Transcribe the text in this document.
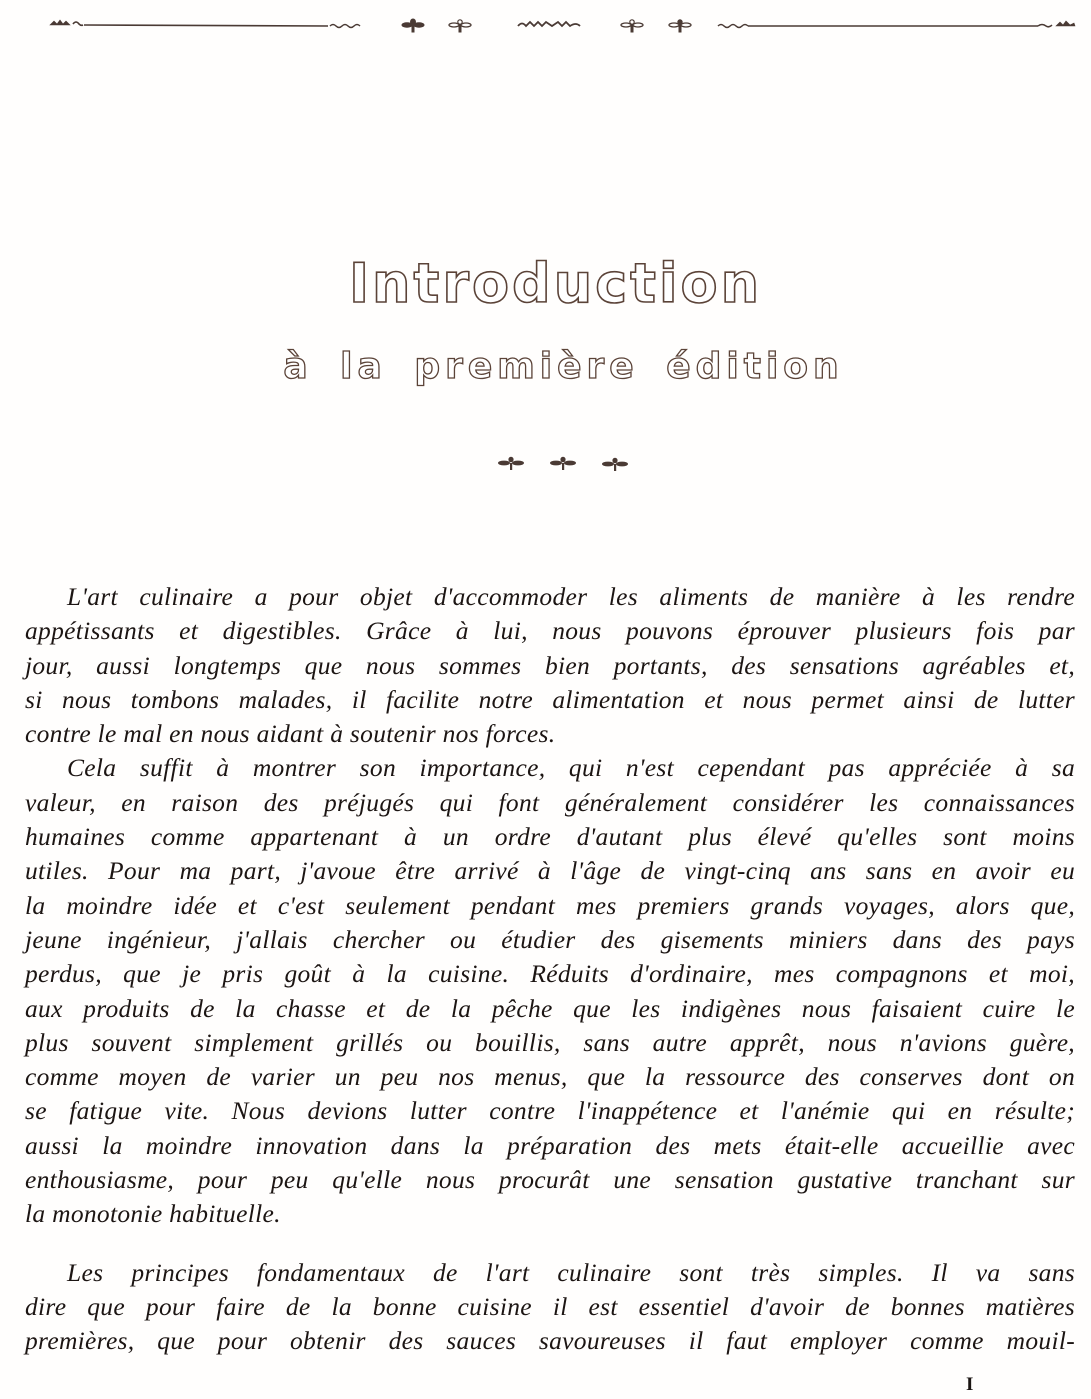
Introduction
à la première édition
L'art culinaire a pour objet d'accommoder les aliments de manière à les rendre
appétissants et digestibles. Grâce à lui, nous pouvons éprouver plusieurs fois par
jour, aussi longtemps que nous sommes bien portants, des sensations agréables et,
si nous tombons malades, il facilite notre alimentation et nous permet ainsi de lutter
contre le mal en nous aidant à soutenir nos forces.
Cela suffit à montrer son importance, qui n'est cependant pas appréciée à sa
valeur, en raison des préjugés qui font généralement considérer les connaissances
humaines comme appartenant à un ordre d'autant plus élevé qu'elles sont moins
utiles. Pour ma part, j'avoue être arrivé à l'âge de vingt-cinq ans sans en avoir eu
la moindre idée et c'est seulement pendant mes premiers grands voyages, alors que,
jeune ingénieur, j'allais chercher ou étudier des gisements miniers dans des pays
perdus, que je pris goût à la cuisine. Réduits d'ordinaire, mes compagnons et moi,
aux produits de la chasse et de la pêche que les indigènes nous faisaient cuire le
plus souvent simplement grillés ou bouillis, sans autre apprêt, nous n'avions guère,
comme moyen de varier un peu nos menus, que la ressource des conserves dont on
se fatigue vite. Nous devions lutter contre l'inappétence et l'anémie qui en résulte;
aussi la moindre innovation dans la préparation des mets était-elle accueillie avec
enthousiasme, pour peu qu'elle nous procurât une sensation gustative tranchant sur
la monotonie habituelle.
Les principes fondamentaux de l'art culinaire sont très simples. Il va sans
dire que pour faire de la bonne cuisine il est essentiel d'avoir de bonnes matières
premières, que pour obtenir des sauces savoureuses il faut employer comme mouil-
I
